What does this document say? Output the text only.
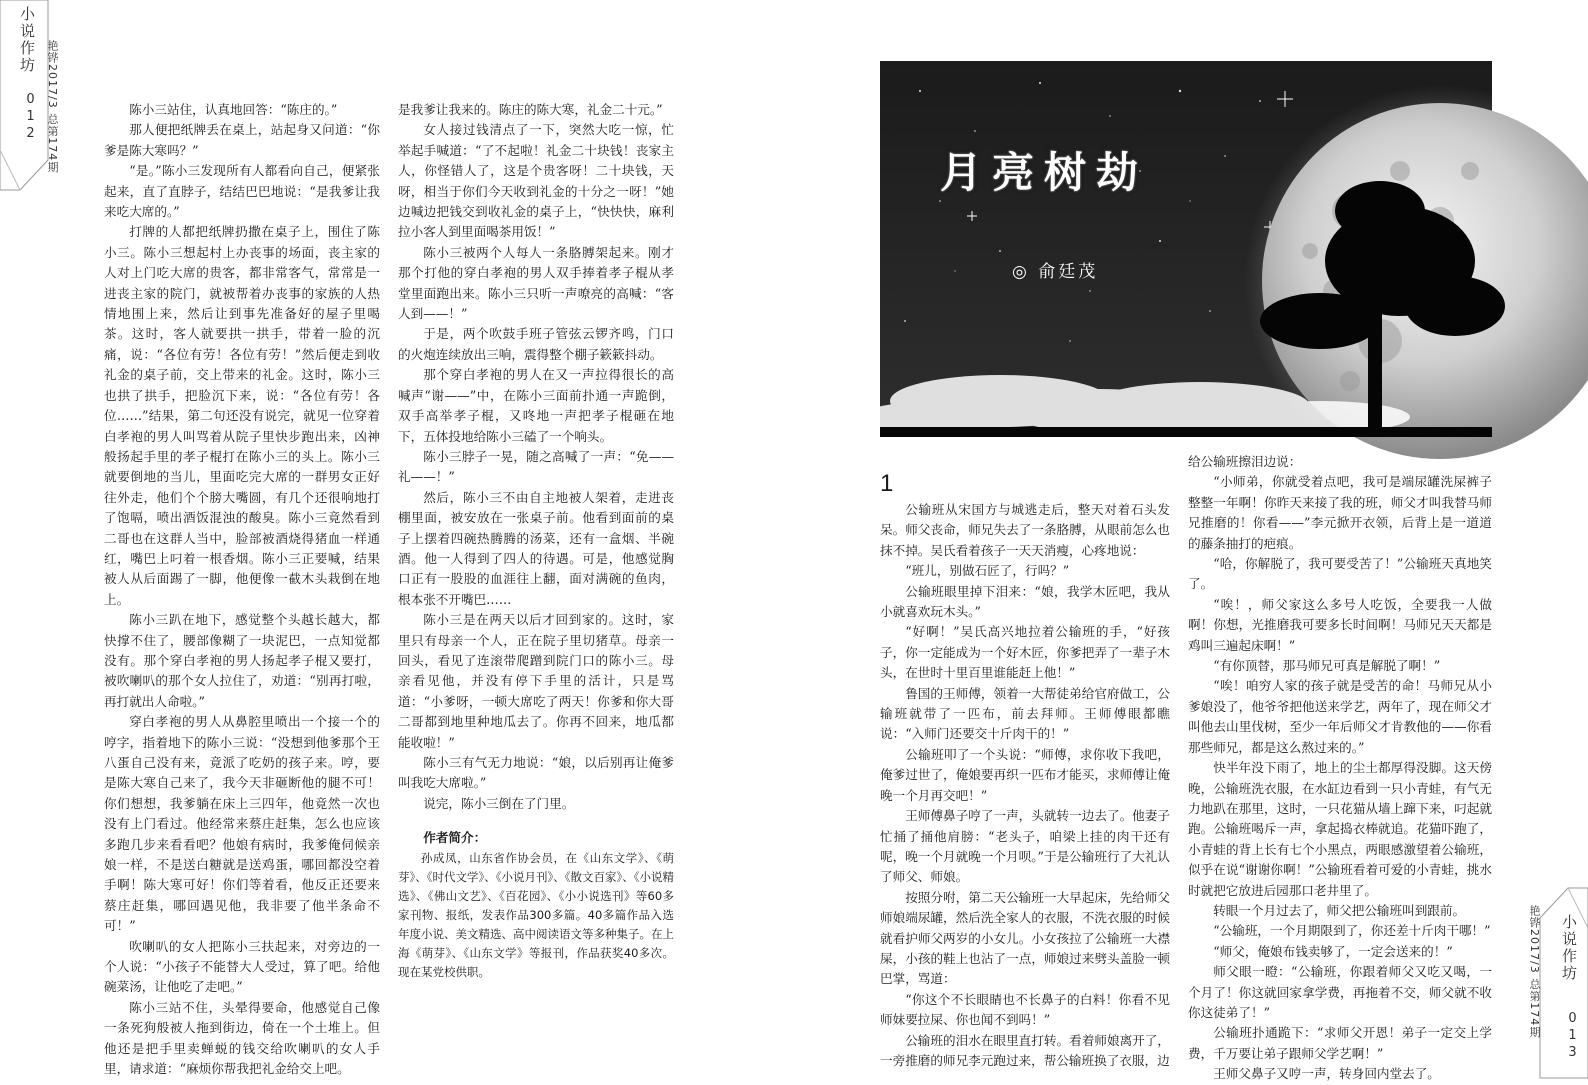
小说作坊
012 艳铧2017/3 总第174期	陈小三站住，认真地回答：“陈庄的。”

那人便把纸牌丢在桌上，站起身又问道：“你爹是陈大寒吗？”

“是。”陈小三发现所有人都看向自己，便紧张起来，直了直脖子，结结巴巴地说：“是我爹让我来吃大席的。”

打牌的人都把纸牌扔撒在桌子上，围住了陈小三。陈小三想起村上办丧事的场面，丧主家的人对上门吃大席的贵客，都非常客气，常常是一进丧主家的院门，就被帮着办丧事的家族的人热情地围上来，然后让到事先准备好的屋子里喝茶。这时，客人就要拱一拱手，带着一脸的沉痛，说：“各位有劳！各位有劳！”然后便走到收礼金的桌子前，交上带来的礼金。这时，陈小三也拱了拱手，把脸沉下来，说：“各位有劳！各位……”结果，第二句还没有说完，就见一位穿着白孝袍的男人叫骂着从院子里快步跑出来，凶神般扬起手里的孝子棍打在陈小三的头上。陈小三就要倒地的当儿，里面吃完大席的一群男女正好往外走，他们个个膀大嘴圆，有几个还很响地打了饱嗝，喷出酒饭混浊的酸臭。陈小三竟然看到二哥也在这群人当中，脸部被酒烧得猪血一样通红，嘴巴上叼着一根香烟。陈小三正要喊，结果被人从后面踢了一脚，他便像一截木头栽倒在地上。

陈小三趴在地下，感觉整个头越长越大，都快撑不住了，腰部像糊了一块泥巴，一点知觉都没有。那个穿白孝袍的男人扬起孝子棍又要打，被吹喇叭的那个女人拉住了，劝道：“别再打啦，再打就出人命啦。”

穿白孝袍的男人从鼻腔里喷出一个接一个的哼字，指着地下的陈小三说：“没想到他爹那个王八蛋自己没有来，竟派了吃奶的孩子来。哼，要是陈大寒自己来了，我今天非砸断他的腿不可！你们想想，我爹躺在床上三四年，他竟然一次也没有上门看过。他经常来蔡庄赶集，怎么也应该多跑几步来看看吧？他娘有病时，我爹俺伺候亲娘一样，不是送白糖就是送鸡蛋，哪回都没空着手啊！陈大寒可好！你们等着看，他反正还要来蔡庄赶集，哪回遇见他，我非要了他半条命不可！”

吹喇叭的女人把陈小三扶起来，对旁边的一个人说：“小孩子不能替大人受过，算了吧。给他碗菜汤，让他吃了走吧。”

陈小三站不住，头晕得要命，他感觉自己像一条死狗般被人拖到街边，倚在一个土堆上。但他还是把手里卖蝉蜕的钱交给吹喇叭的女人手里，请求道：“麻烦你帮我把礼金给交上吧。

是我爹让我来的。陈庄的陈大寒，礼金二十元。”

女人接过钱清点了一下，突然大吃一惊，忙举起手喊道：“了不起啦！礼金二十块钱！丧家主人，你怪错人了，这是个贵客呀！二十块钱，天呀，相当于你们今天收到礼金的十分之一呀！”她边喊边把钱交到收礼金的桌子上，“快快快，麻利拉小客人到里面喝茶用饭！”

陈小三被两个人每人一条胳膊架起来。刚才那个打他的穿白孝袍的男人双手捧着孝子棍从孝堂里面跑出来。陈小三只听一声嘹亮的高喊：“客人到——！”

于是，两个吹鼓手班子管弦云锣齐鸣，门口的火炮连续放出三响，震得整个棚子簌簌抖动。

那个穿白孝袍的男人在又一声拉得很长的高喊声“谢——”中，在陈小三面前扑通一声跪倒，双手高举孝子棍，又咚地一声把孝子棍砸在地下，五体投地给陈小三磕了一个响头。

陈小三脖子一晃，随之高喊了一声：“免——礼——！”

然后，陈小三不由自主地被人架着，走进丧棚里面，被安放在一张桌子前。他看到面前的桌子上摆着四碗热腾腾的汤菜，还有一盒烟、半碗酒。他一人得到了四人的待遇。可是，他感觉胸口正有一股股的血涯往上翻，面对满碗的鱼肉，根本张不开嘴巴……

陈小三是在两天以后才回到家的。这时，家里只有母亲一个人，正在院子里切猪草。母亲一回头，看见了连滚带爬蹭到院门口的陈小三。母亲看见他，并没有停下手里的活计，只是骂道：“小爹呀，一顿大席吃了两天！你爹和你大哥二哥都到地里种地瓜去了。你再不回来，地瓜都能收啦！”

陈小三有气无力地说：“娘，以后别再让俺爹叫我吃大席啦。”

说完，陈小三倒在了门里。

作者简介：

孙成凤，山东省作协会员，在《山东文学》、《萌芽》、《时代文学》、《小说月刊》、《散文百家》、《小说精选》、《佛山文艺》、《百花园》、《小小说选刊》等60多家刊物、报纸，发表作品300多篇。40多篇作品入选年度小说、美文精选、高中阅读语文等多种集子。在上海《萌芽》、《山东文学》等报刊，作品获奖40多次。现在某党校供职。	小说作坊
013
艳铧2017/3 总第174期
月亮树劫
◎ 俞廷茂
1

公输班从宋国方与城逃走后，整天对着石头发呆。师父丧命，师兄失去了一条胳膊，从眼前怎么也抹不掉。吴氏看着孩子一天天消瘦，心疼地说：

“班儿，别做石匠了，行吗？”

公输班眼里掉下泪来：“娘，我学木匠吧，我从小就喜欢玩木头。”

“好啊！”吴氏高兴地拉着公输班的手，“好孩子，你一定能成为一个好木匠，你爹把弄了一辈子木头，在世时十里百里谁能赶上他！”

鲁国的王师傅，领着一大帮徒弟给官府做工，公输班就带了一匹布，前去拜师。王师傅眼都瞧说：“入师门还要交十斤肉干的！”

公输班叩了一个头说：“师傅，求你收下我吧，俺爹过世了，俺娘要再织一匹布才能买，求师傅让俺晚一个月再交吧！”

王师傅鼻子哼了一声，头就转一边去了。他妻子忙捅了捅他肩膀：“老头子，咱梁上挂的肉干还有呢，晚一个月就晚一个月呗。”于是公输班行了大礼认了师父、师娘。

按照分咐，第二天公输班一大早起床，先给师父师娘端尿罐，然后洗全家人的衣服，不洗衣服的时候就看护师父两岁的小女儿。小女孩拉了公输班一大襟屎，小孩的鞋上也沾了一点，师娘过来劈头盖脸一顿巴掌，骂道：

“你这个不长眼睛也不长鼻子的白料！你看不见师妹要拉屎、你也闻不到吗！”

公输班的泪水在眼里直打转。看着师娘离开了，一旁推磨的师兄李元跑过来，帮公输班换了衣服，边

给公输班擦泪边说：

“小师弟，你就受着点吧，我可是端尿罐洗屎裤子整整一年啊！你昨天来接了我的班，师父才叫我替马师兄推磨的！你看——”李元掀开衣领，后背上是一道道的藤条抽打的疤痕。

“哈，你解脱了，我可要受苦了！”公输班天真地笑了。

“唉！，师父家这么多号人吃饭，全要我一人做啊！你想，光推磨我可要多长时间啊！马师兄天天都是鸡叫三遍起床啊！”

“有你顶替，那马师兄可真是解脱了啊！”

“唉！咱穷人家的孩子就是受苦的命！马师兄从小爹娘没了，他爷爷把他送来学艺，两年了，现在师父才叫他去山里伐树，至少一年后师父才肯教他的——你看那些师兄，都是这么熬过来的。”

快半年没下雨了，地上的尘土都厚得没脚。这天傍晚，公输班洗衣服，在水缸边看到一只小青蛙，有气无力地趴在那里，这时，一只花猫从墙上蹿下来，叼起就跑。公输班喝斥一声，拿起捣衣棒就追。花猫吓跑了，小青蛙的背上长有七个小黑点，两眼感激望着公输班，似乎在说“谢谢你啊！”公输班看着可爱的小青蛙，挑水时就把它放进后园那口老井里了。

转眼一个月过去了，师父把公输班叫到跟前。

“公输班，一个月期限到了，你还差十斤肉干哪！”

“师父，俺娘布钱卖够了，一定会送来的！”

师父眼一瞪：“公输班，你跟着师父又吃又喝，一个月了！你这就回家拿学费，再拖着不交，师父就不收你这徒弟了！”

公输班扑通跪下：“求师父开恩！弟子一定交上学费，千万要让弟子跟师父学艺啊！”

王师父鼻子又哼一声，转身回内堂去了。
